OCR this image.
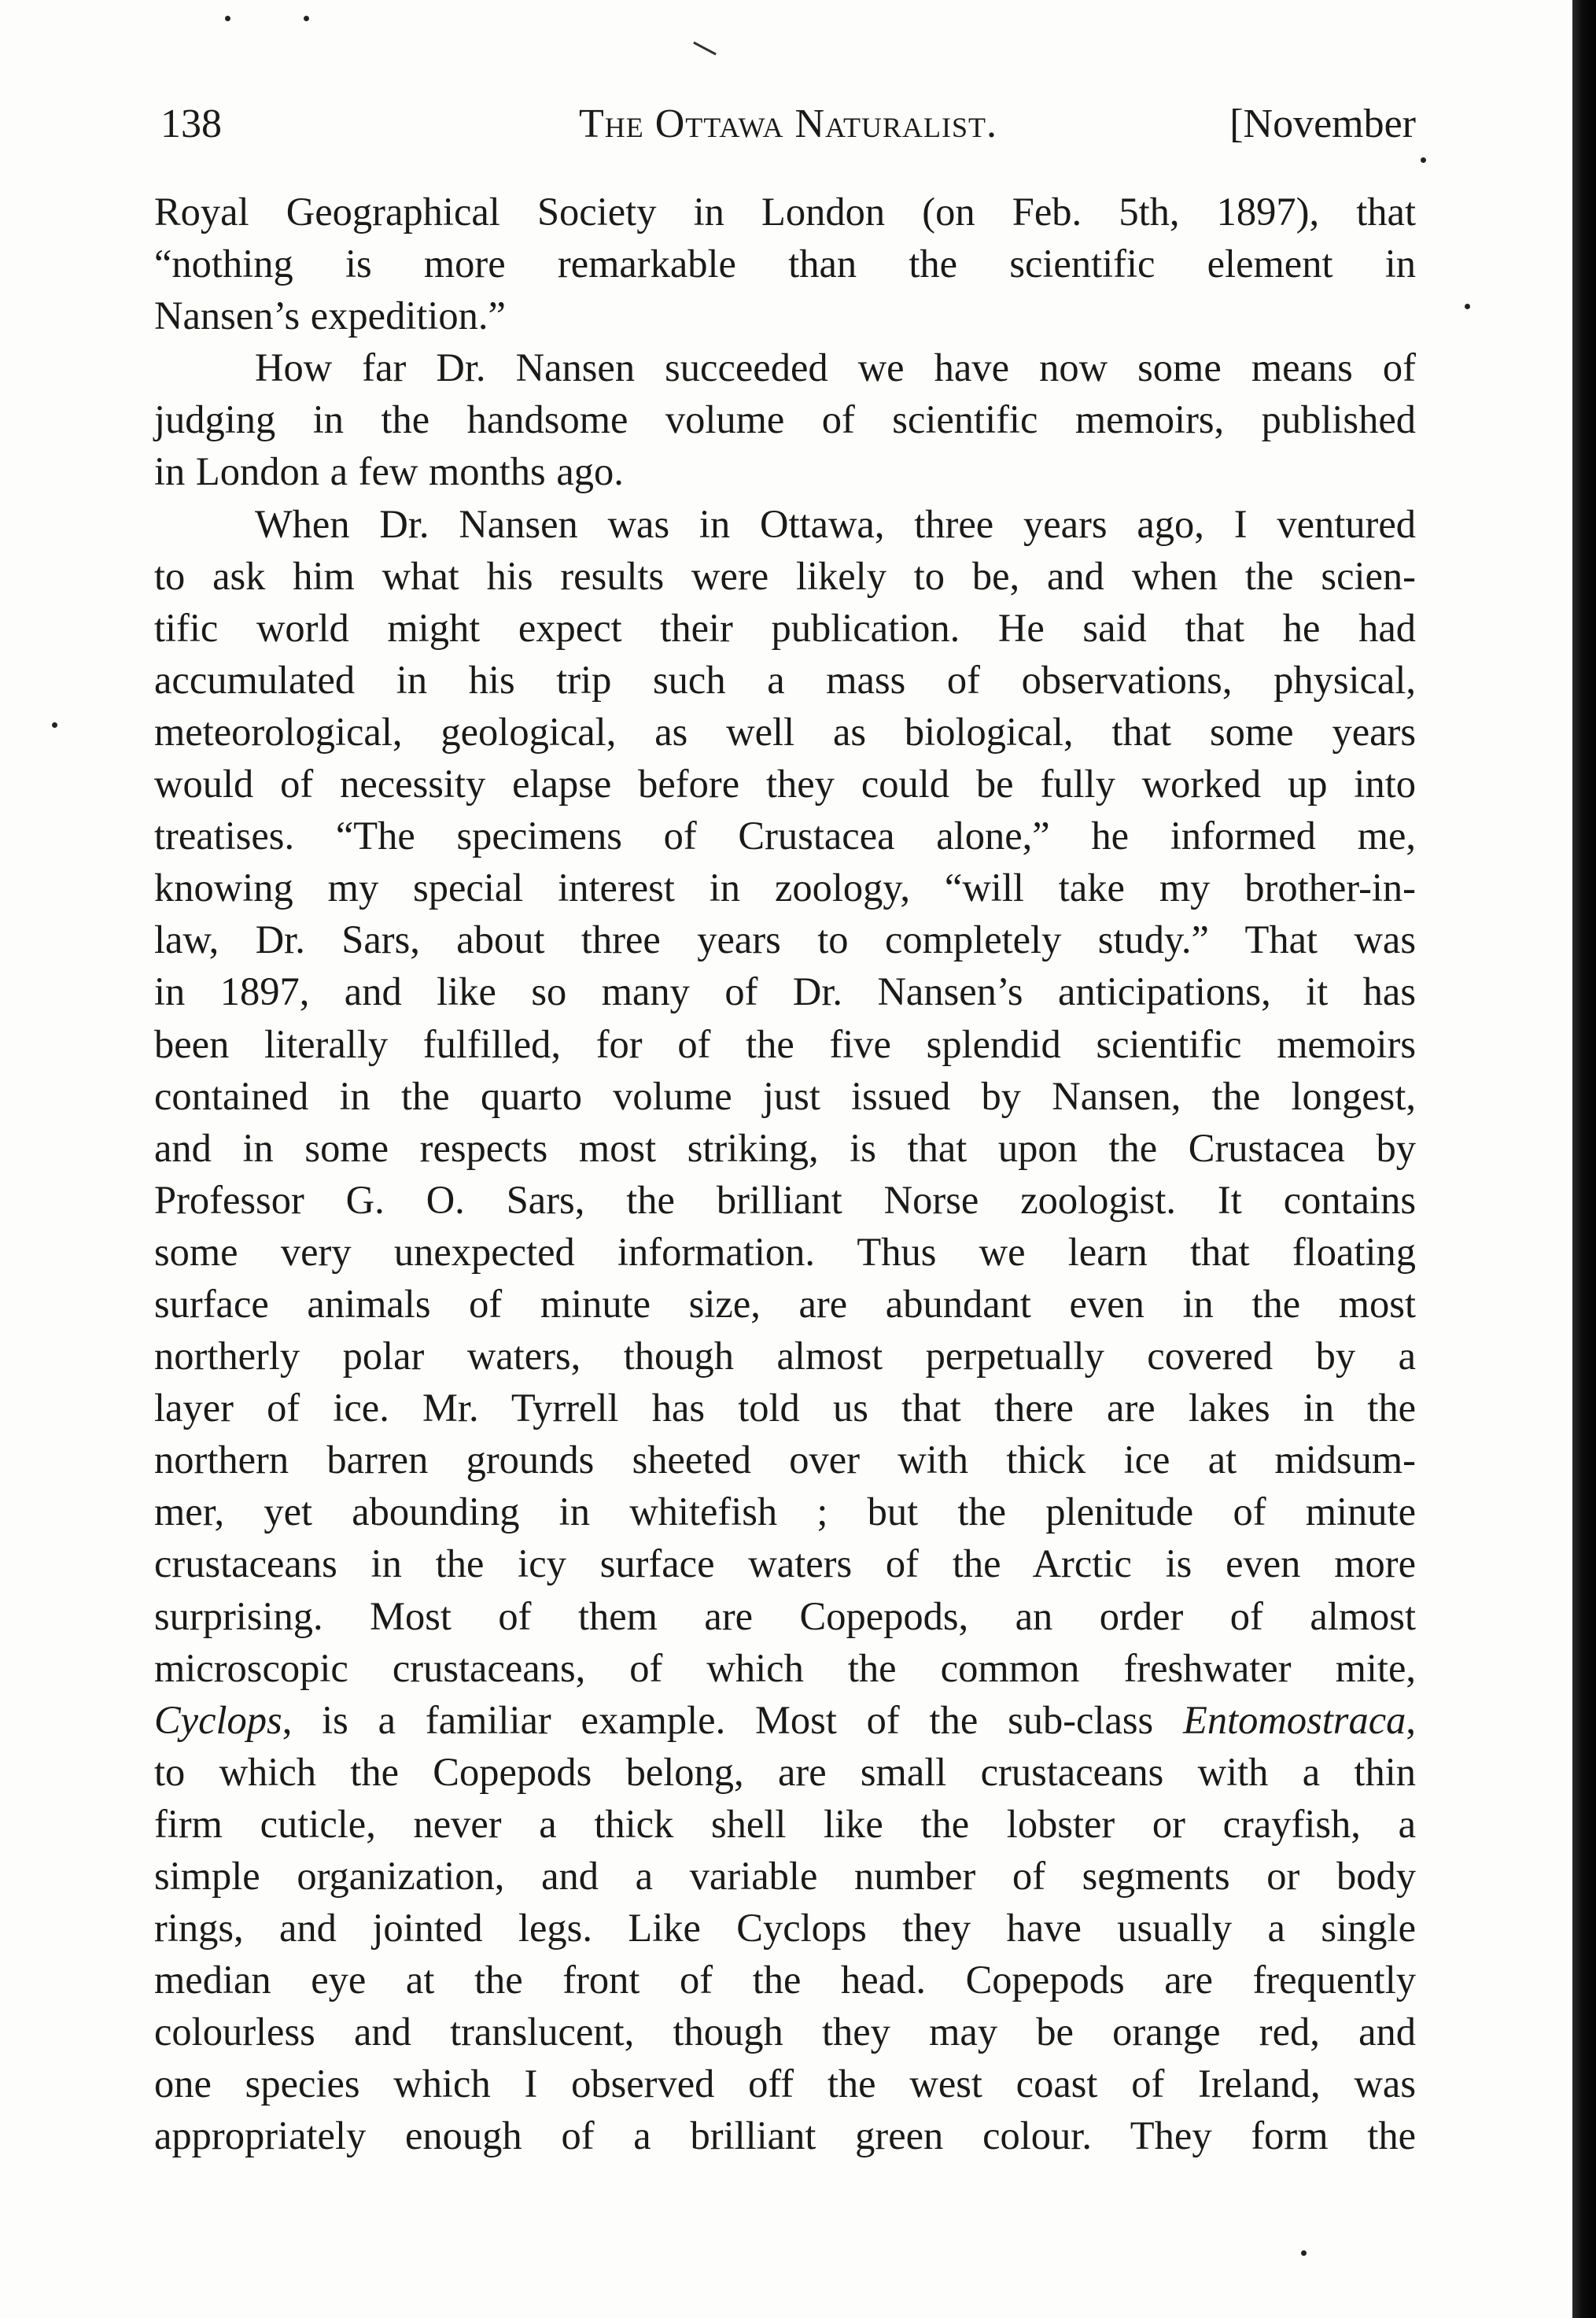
138	The Ottawa Naturalist.	[November
Royal Geographical Society in London (on Feb. 5th, 1897), that
“nothing is more remarkable than the scientific element in
Nansen’s expedition.”
How far Dr. Nansen succeeded we have now some means of
judging in the handsome volume of scientific memoirs, published
in London a few months ago.
When Dr. Nansen was in Ottawa, three years ago, I ventured
to ask him what his results were likely to be, and when the scien-
tific world might expect their publication. He said that he had
accumulated in his trip such a mass of observations, physical,
meteorological, geological, as well as biological, that some years
would of necessity elapse before they could be fully worked up into
treatises. “The specimens of Crustacea alone,” he informed me,
knowing my special interest in zoology, “will take my brother-in-
law, Dr. Sars, about three years to completely study.” That was
in 1897, and like so many of Dr. Nansen’s anticipations, it has
been literally fulfilled, for of the five splendid scientific memoirs
contained in the quarto volume just issued by Nansen, the longest,
and in some respects most striking, is that upon the Crustacea by
Professor G. O. Sars, the brilliant Norse zoologist. It contains
some very unexpected information. Thus we learn that floating
surface animals of minute size, are abundant even in the most
northerly polar waters, though almost perpetually covered by a
layer of ice. Mr. Tyrrell has told us that there are lakes in the
northern barren grounds sheeted over with thick ice at midsum-
mer, yet abounding in whitefish ; but the plenitude of minute
crustaceans in the icy surface waters of the Arctic is even more
surprising. Most of them are Copepods, an order of almost
microscopic crustaceans, of which the common freshwater mite,
Cyclops, is a familiar example. Most of the sub-class Entomostraca,
to which the Copepods belong, are small crustaceans with a thin
firm cuticle, never a thick shell like the lobster or crayfish, a
simple organization, and a variable number of segments or body
rings, and jointed legs. Like Cyclops they have usually a single
median eye at the front of the head. Copepods are frequently
colourless and translucent, though they may be orange red, and
one species which I observed off the west coast of Ireland, was
appropriately enough of a brilliant green colour. They form the
